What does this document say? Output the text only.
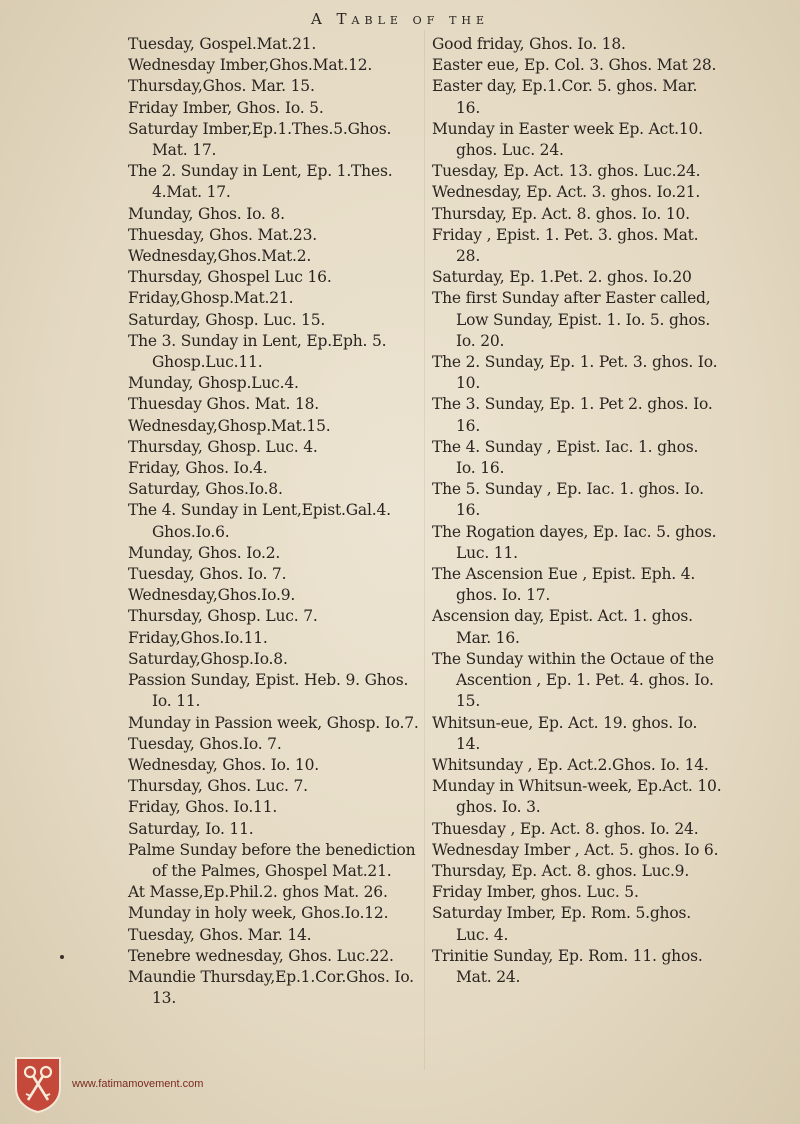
A Table of the
Tuesday, Gospel.Mat.21.
Wednesday Imber,Ghos.Mat.12.
Thursday,Ghos. Mar. 15.
Friday Imber, Ghos. Io. 5.
Saturday Imber,Ep.1.Thes.5.Ghos. Mat. 17.
The 2. Sunday in Lent, Ep. 1.Thes. 4.Mat. 17.
Munday, Ghos. Io. 8.
Thuesday, Ghos. Mat.23.
Wednesday,Ghos.Mat.2.
Thursday, Ghospel Luc 16.
Friday,Ghosp.Mat.21.
Saturday, Ghosp. Luc. 15.
The 3. Sunday in Lent, Ep.Eph. 5. Ghosp.Luc.11.
Munday, Ghosp.Luc.4.
Thuesday Ghos. Mat. 18.
Wednesday,Ghosp.Mat.15.
Thursday, Ghosp. Luc. 4.
Friday, Ghos. Io.4.
Saturday, Ghos.Io.8.
The 4. Sunday in Lent,Epist.Gal.4. Ghos.Io.6.
Munday, Ghos. Io.2.
Tuesday, Ghos. Io. 7.
Wednesday,Ghos.Io.9.
Thursday, Ghosp. Luc. 7.
Friday,Ghos.Io.11.
Saturday,Ghosp.Io.8.
Passion Sunday, Epist. Heb. 9. Ghos. Io. 11.
Munday in Passion week, Ghosp. Io.7.
Tuesday, Ghos.Io. 7.
Wednesday, Ghos. Io. 10.
Thursday, Ghos. Luc. 7.
Friday, Ghos. Io.11.
Saturday, Io. 11.
Palme Sunday before the benediction of the Palmes, Ghospel Mat.21.
At Masse,Ep.Phil.2. ghos Mat. 26.
Munday in holy week, Ghos.Io.12.
Tuesday, Ghos. Mar. 14.
Tenebre wednesday, Ghos. Luc.22.
Maundie Thursday,Ep.1.Cor.Ghos. Io. 13.
Good friday, Ghos. Io. 18.
Easter eue, Ep. Col. 3. Ghos. Mat 28.
Easter day, Ep.1.Cor. 5. ghos. Mar. 16.
Munday in Easter week Ep. Act.10. ghos. Luc. 24.
Tuesday, Ep. Act. 13. ghos. Luc.24.
Wednesday, Ep. Act. 3. ghos. Io.21.
Thursday, Ep. Act. 8. ghos. Io. 10.
Friday , Epist. 1. Pet. 3. ghos. Mat. 28.
Saturday, Ep. 1.Pet. 2. ghos. Io.20
The first Sunday after Easter called, Low Sunday, Epist. 1. Io. 5. ghos. Io. 20.
The 2. Sunday, Ep. 1. Pet. 3. ghos. Io. 10.
The 3. Sunday, Ep. 1. Pet 2. ghos. Io. 16.
The 4. Sunday , Epist. Iac. 1. ghos. Io. 16.
The 5. Sunday , Ep. Iac. 1. ghos. Io. 16.
The Rogation dayes, Ep. Iac. 5. ghos. Luc. 11.
The Ascension Eue , Epist. Eph. 4. ghos. Io. 17.
Ascension day, Epist. Act. 1. ghos. Mar. 16.
The Sunday within the Octaue of the Ascention , Ep. 1. Pet. 4. ghos. Io. 15.
Whitsun-eue, Ep. Act. 19. ghos. Io. 14.
Whitsunday , Ep. Act.2.Ghos. Io. 14.
Munday in Whitsun-week, Ep.Act. 10. ghos. Io. 3.
Thuesday , Ep. Act. 8. ghos. Io. 24.
Wednesday Imber , Act. 5. ghos. Io 6.
Thursday, Ep. Act. 8. ghos. Luc.9.
Friday Imber, ghos. Luc. 5.
Saturday Imber, Ep. Rom. 5.ghos. Luc. 4.
Trinitie Sunday, Ep. Rom. 11. ghos. Mat. 24.
www.fatimamovement.com
